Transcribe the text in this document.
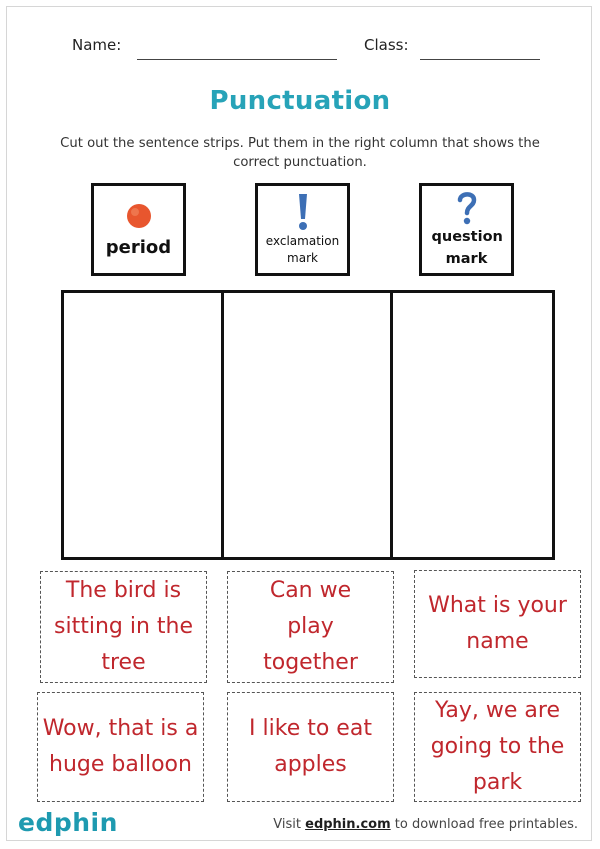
Name:	Class:
Punctuation
Cut out the sentence strips. Put them in the right column that shows the correct punctuation.
period	exclamation mark
question mark
The bird is sitting in the tree
Can we play together
What is your name
Wow, that is a huge balloon
I like to eat apples
Yay, we are going to the park
edphin	Visit edphin.com to download free printables.
